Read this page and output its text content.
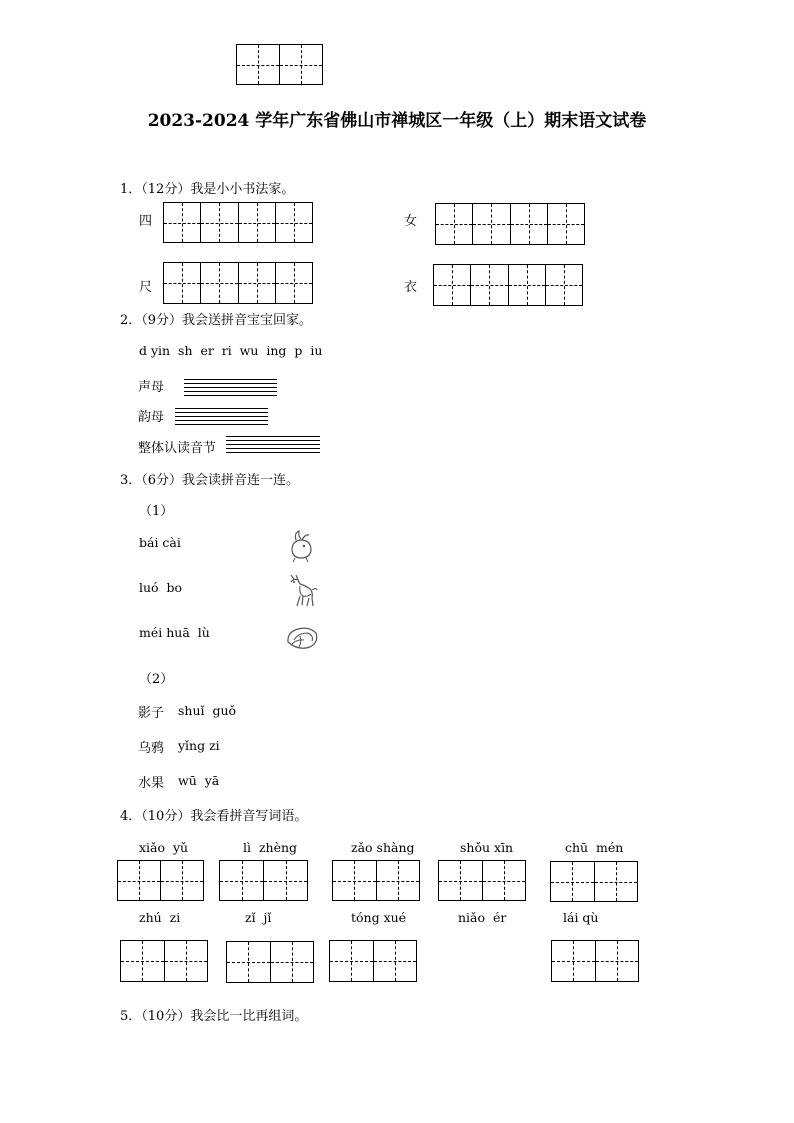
2023-2024 学年广东省佛山市禅城区一年级（上）期末语文试卷
1．（12分）我是小小书法家。
四	女
尺	衣
2．（9分）我会送拼音宝宝回家。
d yin  sh  er  ri  wu  ing  p  iu
声母
韵母
整体认读音节
3．（6分）我会读拼音连一连。
（1）
bái cài
luó  bo
méi huā  lù
（2）
影子 shuǐ  guǒ
乌鸦 yǐng zi
水果 wū  yā
4．（10分）我会看拼音写词语。
xiǎo  yǔ	lì  zhèng	zǎo shàng	shǒu xīn	chū  mén
zhú  zi	zǐ  jǐ	tóng xué	niǎo  ér	lái qù
5．（10分）我会比一比再组词。
